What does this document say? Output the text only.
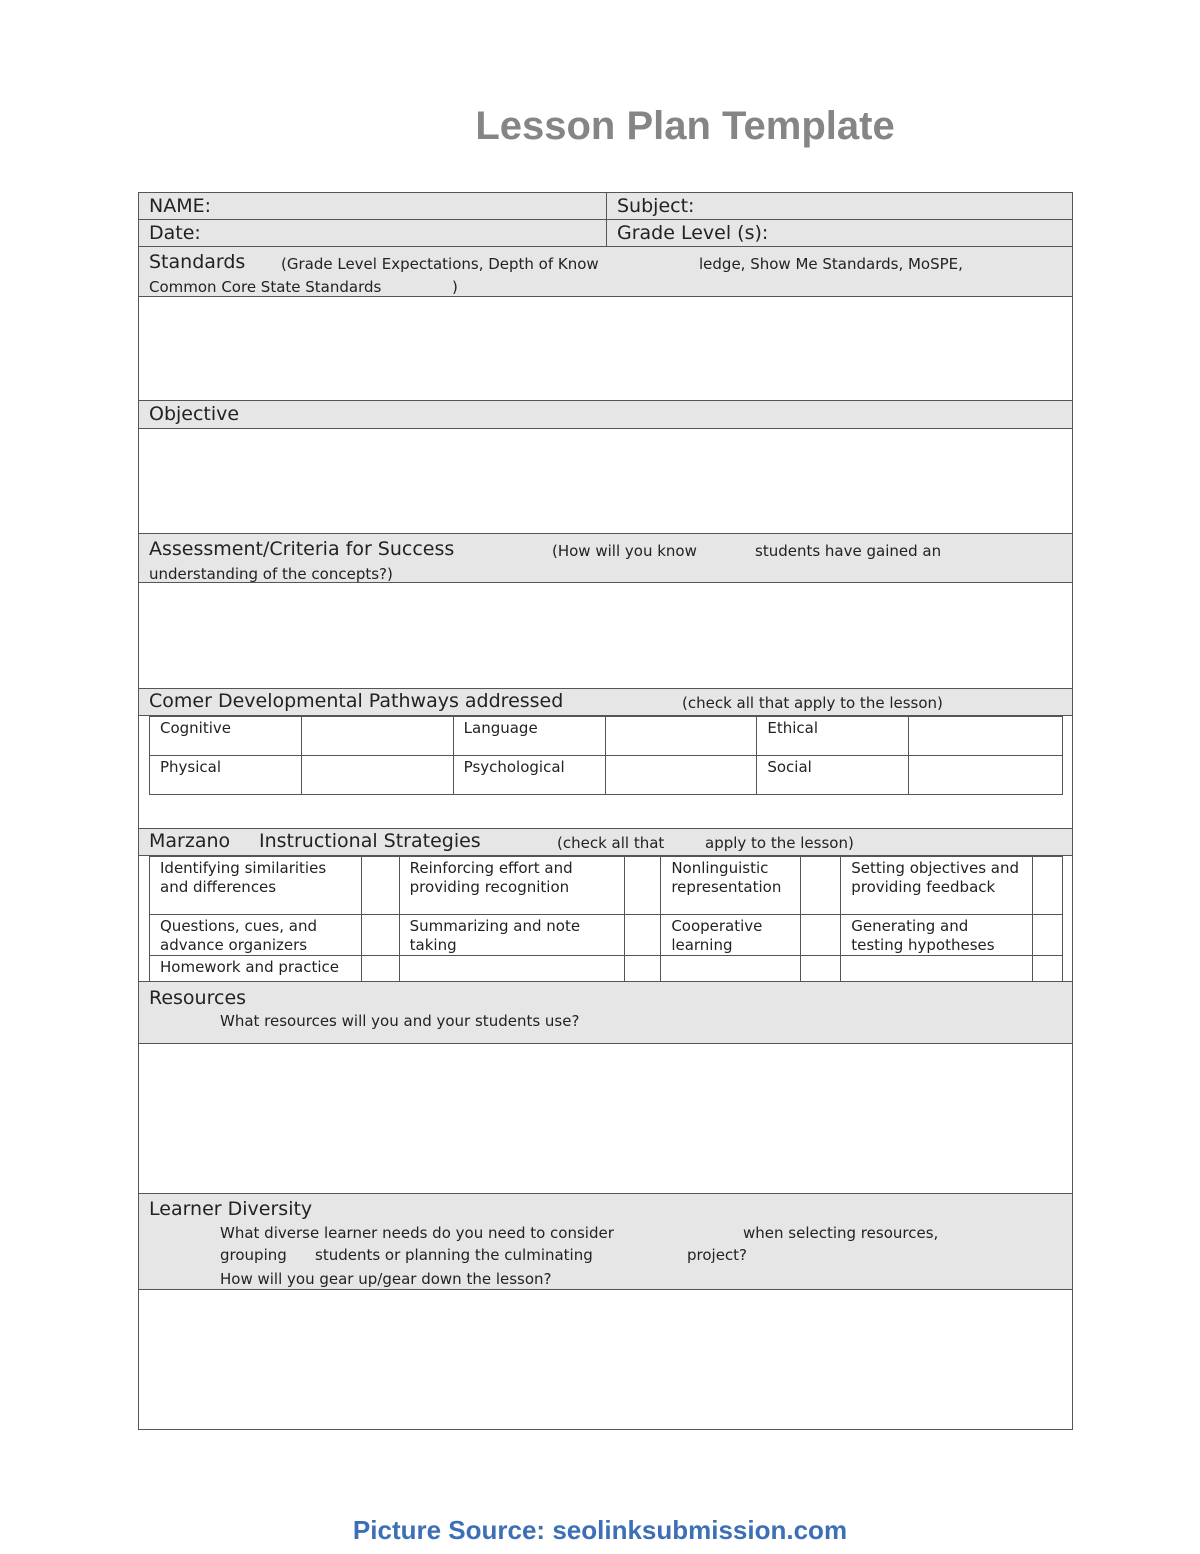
Lesson Plan Template
NAME:	Subject:
Date:	Grade Level (s):
Standards (Grade Level Expectations, Depth of Know	ledge, Show Me Standards, MoSPE,
Common Core State Standards	)
Objective
Assessment/Criteria for Success	(How will you know	students have gained an
understanding of the concepts?)
Comer Developmental Pathways addressed	(check all that apply to the lesson)
Cognitive		Language		Ethical	
Physical		Psychological		Social	
Marzano Instructional Strategies	(check all that	apply to the lesson)
Identifying similarities and differences		Reinforcing effort and providing recognition		Nonlinguistic representation		Setting objectives and providing feedback	
Questions, cues, and advance organizers		Summarizing and note taking		Cooperative learning		Generating and testing hypotheses	
Homework and practice							
Resources
What resources will you and your students use?
Learner Diversity
What diverse learner needs do you need to consider	when selecting resources,
grouping students or planning the culminating	project?
How will you gear up/gear down the lesson?
Picture Source: seolinksubmission.com
